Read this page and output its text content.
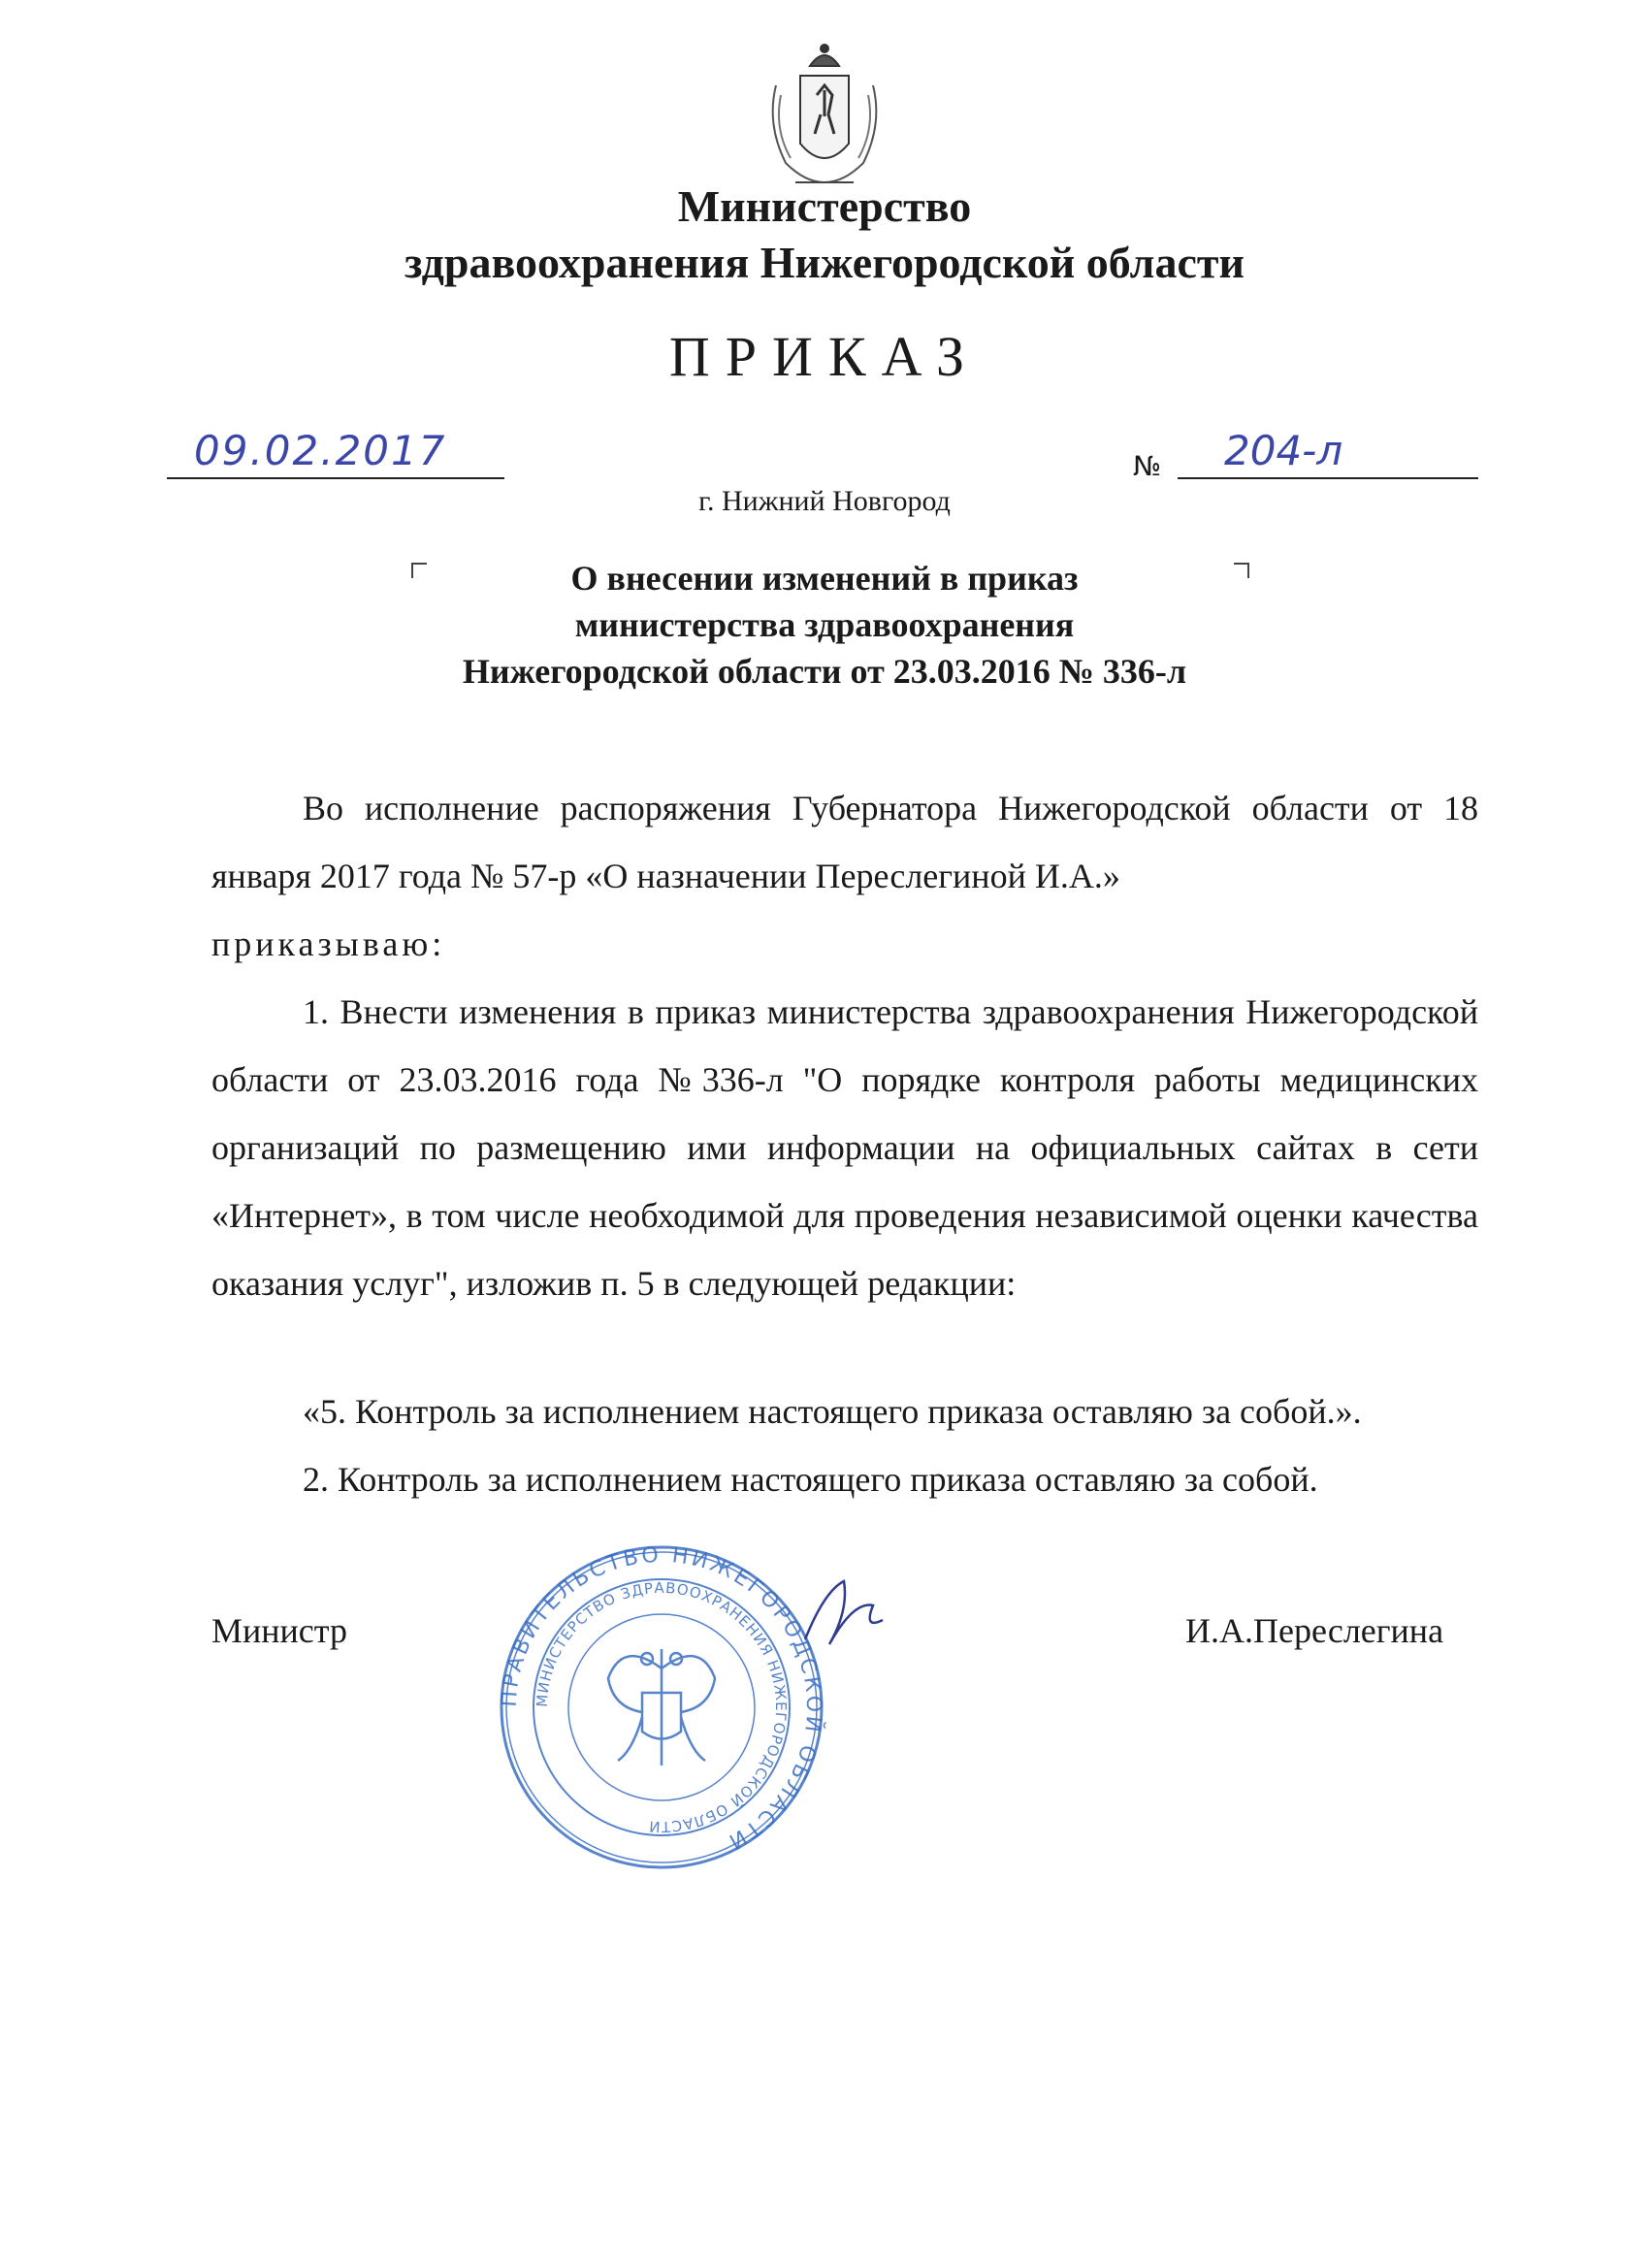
Министерство
здравоохранения Нижегородской области
ПРИКАЗ
09.02.2017	№ 204-л
г. Нижний Новгород
О внесении изменений в приказ
министерства здравоохранения
Нижегородской области от 23.03.2016 № 336-л
Во исполнение распоряжения Губернатора Нижегородской области от 18 января 2017 года № 57-р «О назначении Переслегиной И.А.»
приказываю:
1. Внести изменения в приказ министерства здравоохранения Нижегородской области от 23.03.2016 года №336-л "О порядке контроля работы медицинских организаций по размещению ими информации на официальных сайтах в сети «Интернет», в том числе необходимой для проведения независимой оценки качества оказания услуг", изложив п. 5 в следующей редакции:
«5. Контроль за исполнением настоящего приказа оставляю за собой.».
2. Контроль за исполнением настоящего приказа оставляю за собой.
ПРАВИТЕЛЬСТВО НИЖЕГОРОДСКОЙ ОБЛАСТИ
МИНИСТЕРСТВО ЗДРАВООХРАНЕНИЯ НИЖЕГОРОДСКОЙ ОБЛАСТИ
Министр	И.А.Переслегина
